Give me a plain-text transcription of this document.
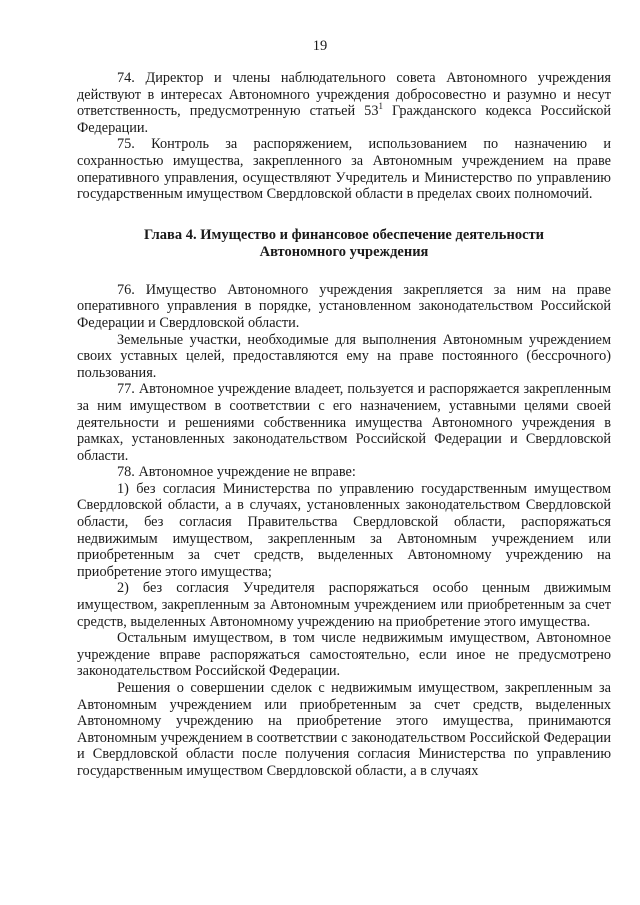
19

74. Директор и члены наблюдательного совета Автономного учреждения действуют в интересах Автономного учреждения добросовестно и разумно и несут ответственность, предусмотренную статьей $53^1$ Гражданского кодекса Российской Федерации.

75. Контроль за распоряжением, использованием по назначению и сохранностью имущества, закрепленного за Автономным учреждением на праве оперативного управления, осуществляют Учредитель и Министерство по управлению государственным имуществом Свердловской области в пределах своих полномочий.

Глава 4. Имущество и финансовое обеспечение деятельности
Автономного учреждения

76. Имущество Автономного учреждения закрепляется за ним на праве оперативного управления в порядке, установленном законодательством Российской Федерации и Свердловской области.

Земельные участки, необходимые для выполнения Автономным учреждением своих уставных целей, предоставляются ему на праве постоянного (бессрочного) пользования.

77. Автономное учреждение владеет, пользуется и распоряжается закрепленным за ним имуществом в соответствии с его назначением, уставными целями своей деятельности и решениями собственника имущества Автономного учреждения в рамках, установленных законодательством Российской Федерации и Свердловской области.

78. Автономное учреждение не вправе:

1) без согласия Министерства по управлению государственным имуществом Свердловской области, а в случаях, установленных законодательством Свердловской области, без согласия Правительства Свердловской области, распоряжаться недвижимым имуществом, закрепленным за Автономным учреждением или приобретенным за счет средств, выделенных Автономному учреждению на приобретение этого имущества;

2) без согласия Учредителя распоряжаться особо ценным движимым имуществом, закрепленным за Автономным учреждением или приобретенным за счет средств, выделенных Автономному учреждению на приобретение этого имущества.

Остальным имуществом, в том числе недвижимым имуществом, Автономное учреждение вправе распоряжаться самостоятельно, если иное не предусмотрено законодательством Российской Федерации.

Решения о совершении сделок с недвижимым имуществом, закрепленным за Автономным учреждением или приобретенным за счет средств, выделенных Автономному учреждению на приобретение этого имущества, принимаются Автономным учреждением в соответствии с законодательством Российской Федерации и Свердловской области после получения согласия Министерства по управлению государственным имуществом Свердловской области, а в случаях
